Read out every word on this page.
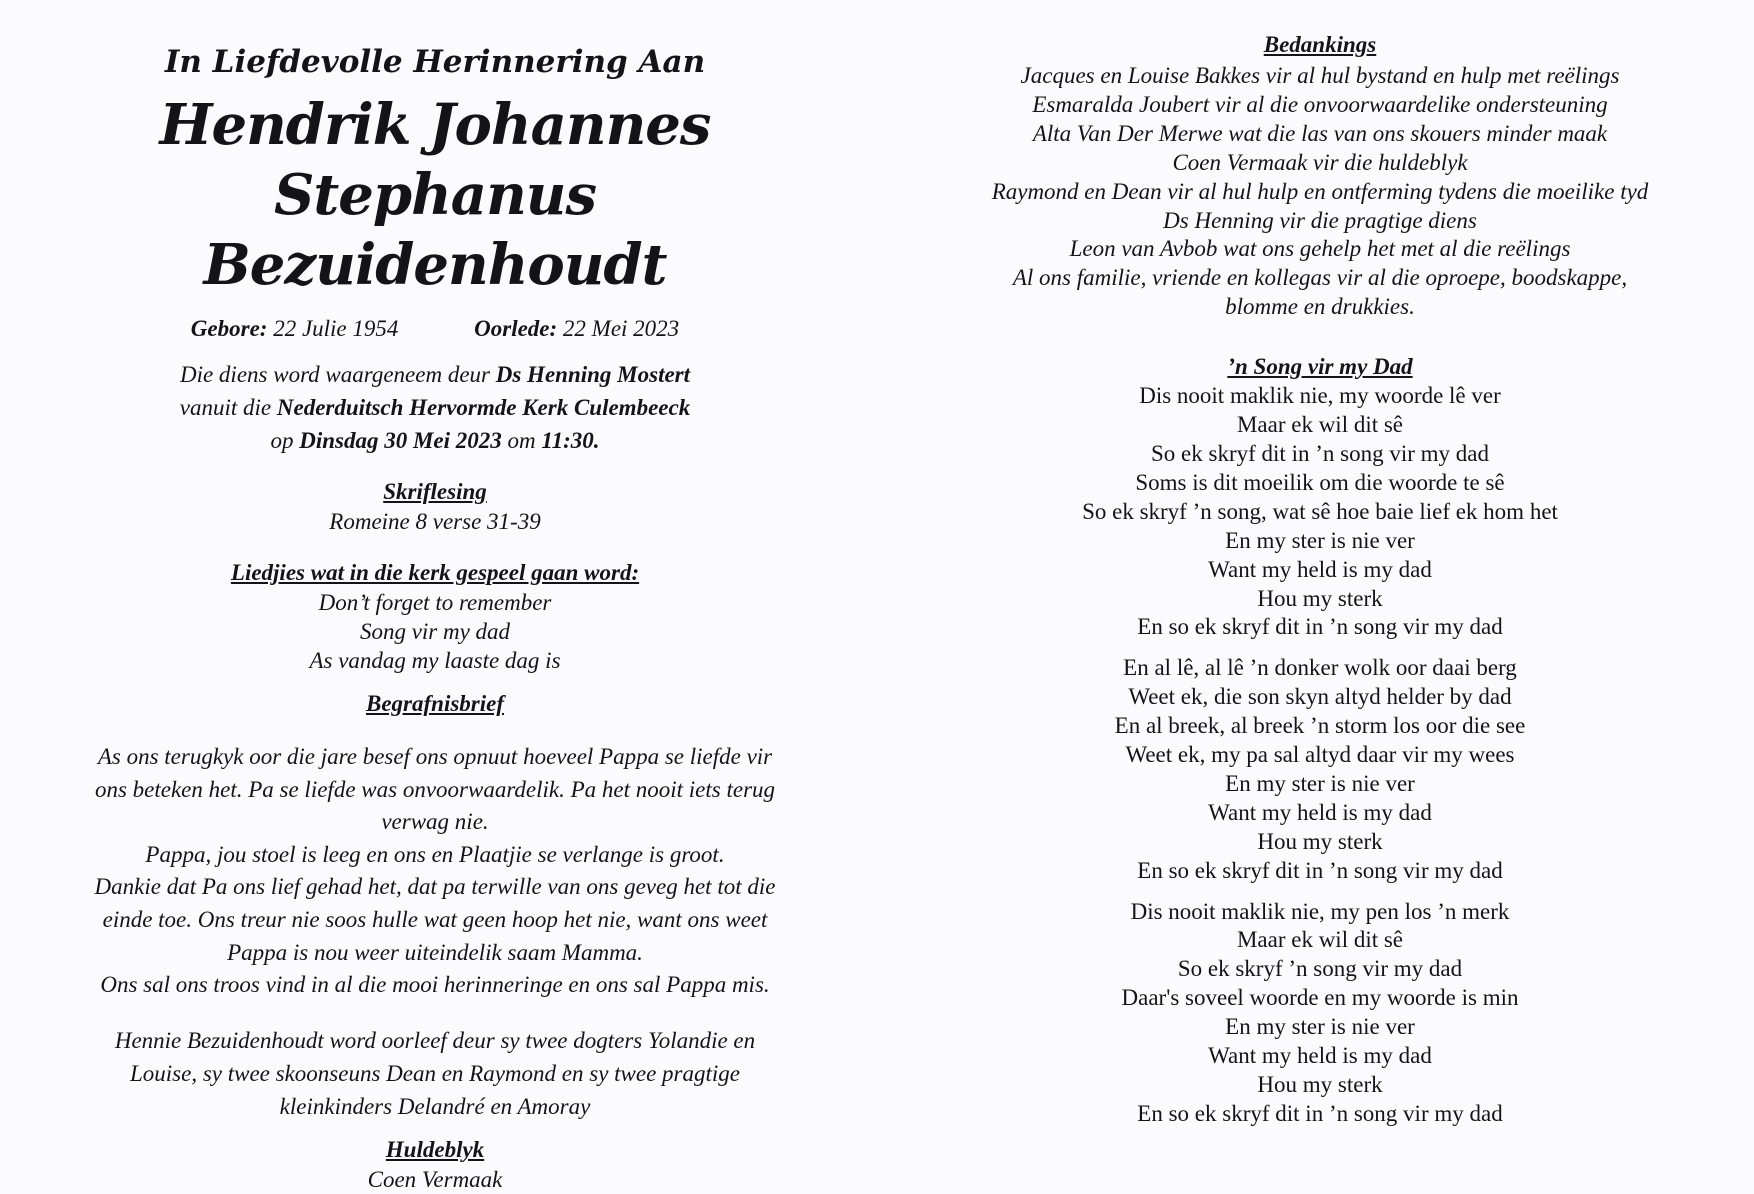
In Liefdevolle Herinnering Aan

Hendrik Johannes

Stephanus Bezuidenhoudt

Gebore: 22 Julie 1954	Oorlede: 22 Mei 2023

Die diens word waargeneem deur Ds Henning Mostert

vanuit die Nederduitsch Hervormde Kerk Culembeeck

op Dinsdag 30 Mei 2023 om 11:30.

Skriflesing

Romeine 8 verse 31-39

Liedjies wat in die kerk gespeel gaan word:

Don’t forget to remember

Song vir my dad

As vandag my laaste dag is

Begrafnisbrief

As ons terugkyk oor die jare besef ons opnuut hoeveel Pappa se liefde vir

ons beteken het. Pa se liefde was onvoorwaardelik. Pa het nooit iets terug

verwag nie.

Pappa, jou stoel is leeg en ons en Plaatjie se verlange is groot.

Dankie dat Pa ons lief gehad het, dat pa terwille van ons geveg het tot die

einde toe. Ons treur nie soos hulle wat geen hoop het nie, want ons weet

Pappa is nou weer uiteindelik saam Mamma.

Ons sal ons troos vind in al die mooi herinneringe en ons sal Pappa mis.

Hennie Bezuidenhoudt word oorleef deur sy twee dogters Yolandie en

Louise, sy twee skoonseuns Dean en Raymond en sy twee pragtige

kleinkinders Delandré en Amoray

Huldeblyk

Coen Vermaak

Bedankings

Jacques en Louise Bakkes vir al hul bystand en hulp met reëlings

Esmaralda Joubert vir al die onvoorwaardelike ondersteuning

Alta Van Der Merwe wat die las van ons skouers minder maak

Coen Vermaak vir die huldeblyk

Raymond en Dean vir al hul hulp en ontferming tydens die moeilike tyd

Ds Henning vir die pragtige diens

Leon van Avbob wat ons gehelp het met al die reëlings

Al ons familie, vriende en kollegas vir al die oproepe, boodskappe,

blomme en drukkies.

’n Song vir my Dad

Dis nooit maklik nie, my woorde lê ver

Maar ek wil dit sê

So ek skryf dit in ’n song vir my dad

Soms is dit moeilik om die woorde te sê

So ek skryf ’n song, wat sê hoe baie lief ek hom het

En my ster is nie ver

Want my held is my dad

Hou my sterk

En so ek skryf dit in ’n song vir my dad

En al lê, al lê ’n donker wolk oor daai berg

Weet ek, die son skyn altyd helder by dad

En al breek, al breek ’n storm los oor die see

Weet ek, my pa sal altyd daar vir my wees

En my ster is nie ver

Want my held is my dad

Hou my sterk

En so ek skryf dit in ’n song vir my dad

Dis nooit maklik nie, my pen los ’n merk

Maar ek wil dit sê

So ek skryf ’n song vir my dad

Daar's soveel woorde en my woorde is min

En my ster is nie ver

Want my held is my dad

Hou my sterk

En so ek skryf dit in ’n song vir my dad
